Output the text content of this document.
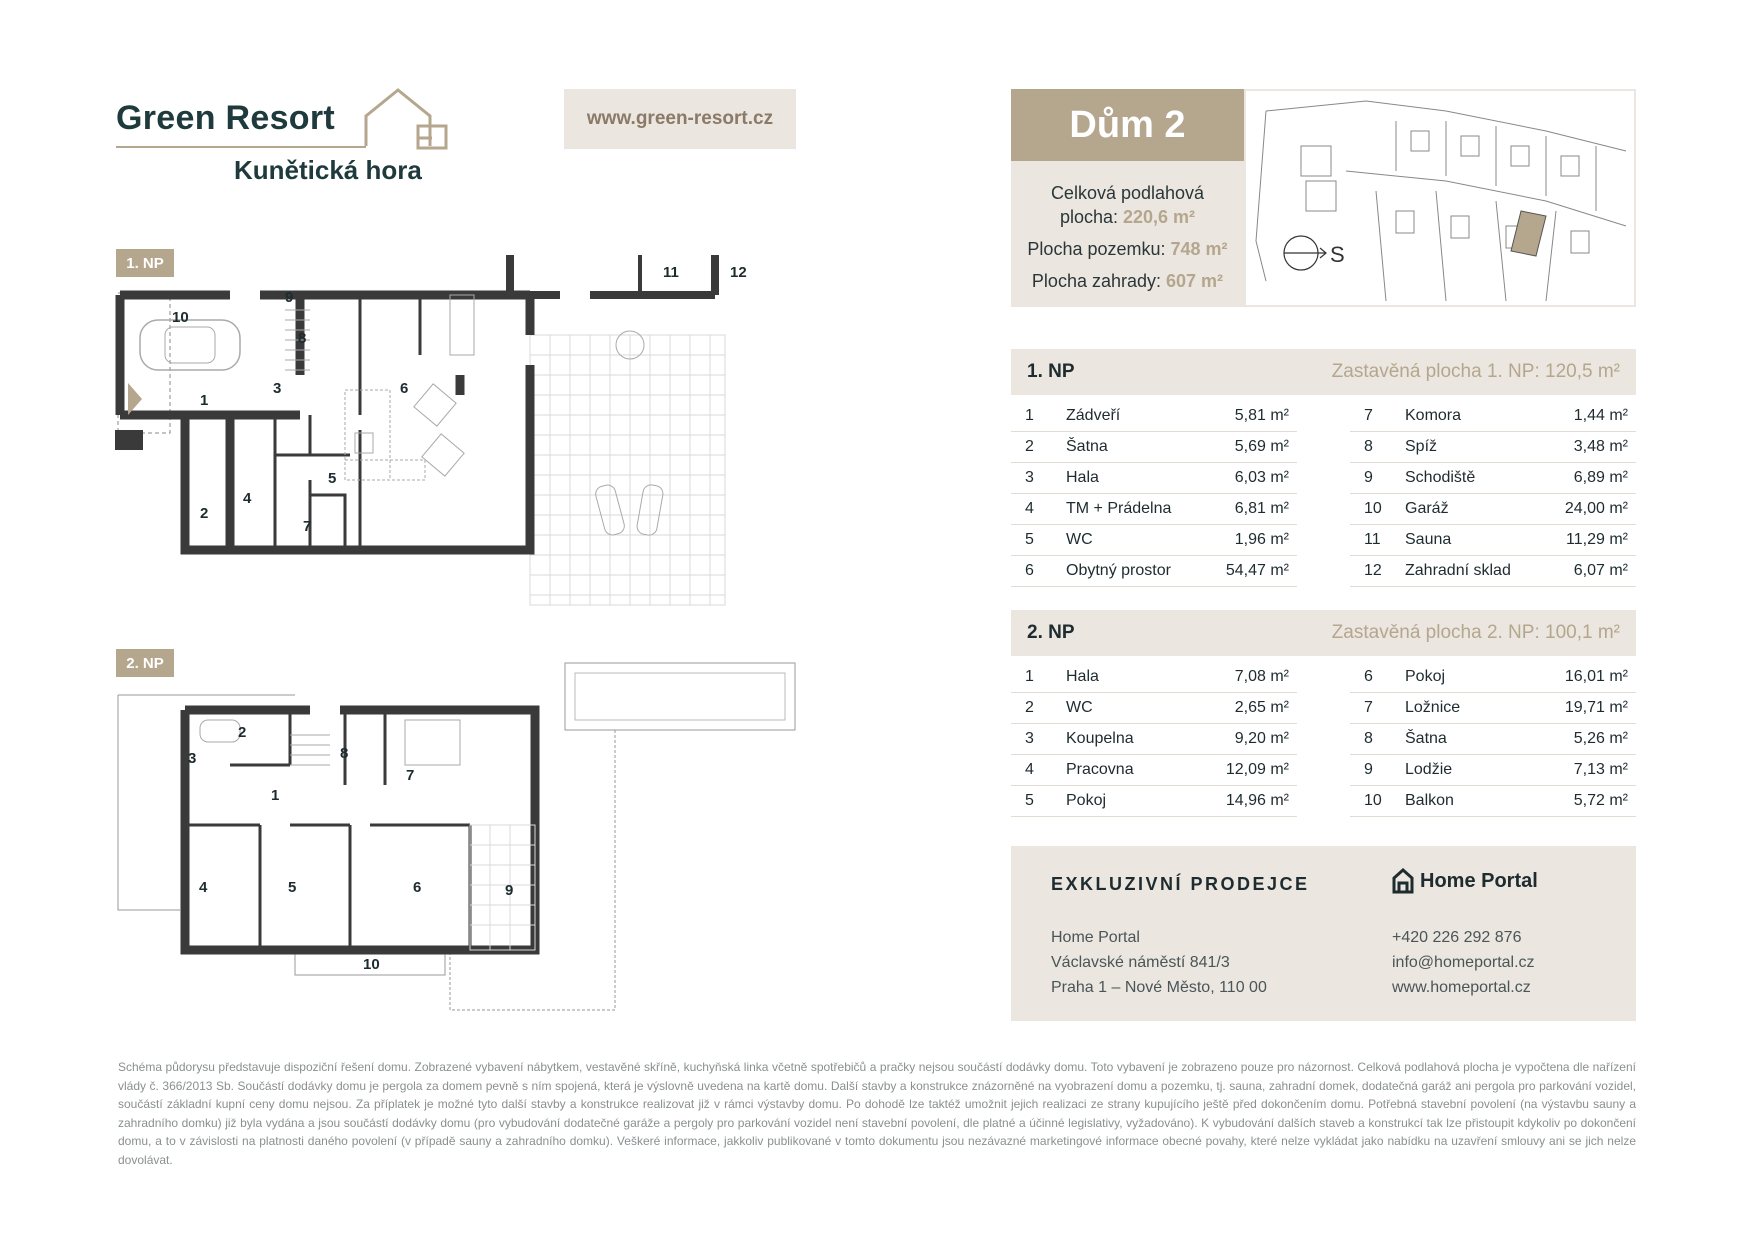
Green Resort
Kunětická hora
www.green-resort.cz
1. NP
2. NP
10
9
8
1
3	6
2
4
5
7
11	12
3
2
8
7
1
4	5	6	9
10
Dům 2
Celková podlahová
plocha: 220,6 m²
Plocha pozemku: 748 m²
Plocha zahrady: 607 m²
S
1. NP	Zastavěná plocha 1. NP: 120,5 m²
1	Zádveří	5,81 m²
2	Šatna	5,69 m²
3	Hala	6,03 m²
4	TM + Prádelna	6,81 m²
5	WC	1,96 m²
6	Obytný prostor	54,47 m²
7	Komora	1,44 m²
8	Spíž	3,48 m²
9	Schodiště	6,89 m²
10	Garáž	24,00 m²
11	Sauna	11,29 m²
12	Zahradní sklad	6,07 m²
2. NP	Zastavěná plocha 2. NP: 100,1 m²
1	Hala	7,08 m²
2	WC	2,65 m²
3	Koupelna	9,20 m²
4	Pracovna	12,09 m²
5	Pokoj	14,96 m²
6	Pokoj	16,01 m²
7	Ložnice	19,71 m²
8	Šatna	5,26 m²
9	Lodžie	7,13 m²
10	Balkon	5,72 m²
EXKLUZIVNÍ PRODEJCE	Home Portal
Home Portal
Václavské náměstí 841/3
Praha 1 – Nové Město, 110 00
+420 226 292 876
info@homeportal.cz
www.homeportal.cz
Schéma půdorysu představuje dispoziční řešení domu. Zobrazené vybavení nábytkem, vestavěné skříně, kuchyňská linka včetně spotřebičů a pračky nejsou součástí dodávky domu. Toto vybavení je zobrazeno pouze pro názornost. Celková podlahová plocha je vypočtena dle nařízení vlády č. 366/2013 Sb. Součástí dodávky domu je pergola za domem pevně s ním spojená, která je výslovně uvedena na kartě domu. Další stavby a konstrukce znázorněné na vyobrazení domu a pozemku, tj. sauna, zahradní domek, dodatečná garáž ani pergola pro parkování vozidel, součástí základní kupní ceny domu nejsou. Za příplatek je možné tyto další stavby a konstrukce realizovat již v rámci výstavby domu. Po dohodě lze taktéž umožnit jejich realizaci ze strany kupujícího ještě před dokončením domu. Potřebná stavební povolení (na výstavbu sauny a zahradního domku) již byla vydána a jsou součástí dodávky domu (pro vybudování dodatečné garáže a pergoly pro parkování vozidel není stavební povolení, dle platné a účinné legislativy, vyžadováno). K vybudování dalších staveb a konstrukcí tak lze přistoupit kdykoliv po dokončení domu, a to v závislosti na platnosti daného povolení (v případě sauny a zahradního domku). Veškeré informace, jakkoliv publikované v tomto dokumentu jsou nezávazné marketingové informace obecné povahy, které nelze vykládat jako nabídku na uzavření smlouvy ani se jich nelze dovolávat.
